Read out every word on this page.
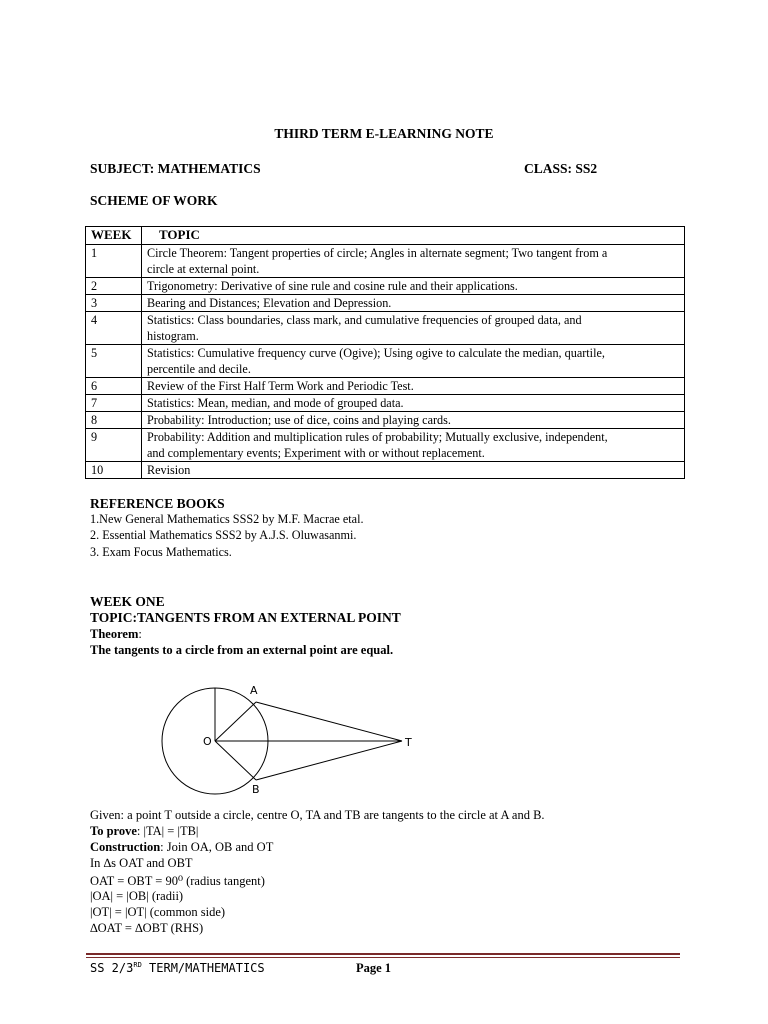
THIRD TERM E-LEARNING NOTE
SUBJECT: MATHEMATICS	CLASS: SS2
SCHEME OF WORK
WEEK	TOPIC
1	Circle Theorem: Tangent properties of circle; Angles in alternate segment; Two tangent from a
circle at external point.

2	Trigonometry: Derivative of sine rule and cosine rule and their applications.

3	Bearing and Distances; Elevation and Depression.

4	Statistics: Class boundaries, class mark, and cumulative frequencies of grouped data, and
histogram.

5	Statistics: Cumulative frequency curve (Ogive); Using ogive to calculate the median, quartile,
percentile and decile.

6	Review of the First Half Term Work and Periodic Test.

7	Statistics: Mean, median, and mode of grouped data.

8	Probability: Introduction; use of dice, coins and playing cards.

9	Probability: Addition and multiplication rules of probability; Mutually exclusive, independent,
and complementary events; Experiment with or without replacement.

10	Revision
REFERENCE BOOKS
1.New General Mathematics SSS2 by M.F. Macrae etal.
2. Essential Mathematics SSS2 by A.J.S. Oluwasanmi.
3. Exam Focus Mathematics.
WEEK ONE
TOPIC:TANGENTS FROM AN EXTERNAL POINT
Theorem:
The tangents to a circle from an external point are equal.
A
B
O	T
Given: a point T outside a circle, centre O, TA and TB are tangents to the circle at A and B.
To prove: |TA| = |TB|
Construction: Join OA, OB and OT
In ∆s OAT and OBT
OAT = OBT = 90⁰ (radius tangent)
|OA| = |OB| (radii)
|OT| = |OT| (common side)
∆OAT = ∆OBT (RHS)
SS 2/3RD TERM/MATHEMATICS	Page 1
